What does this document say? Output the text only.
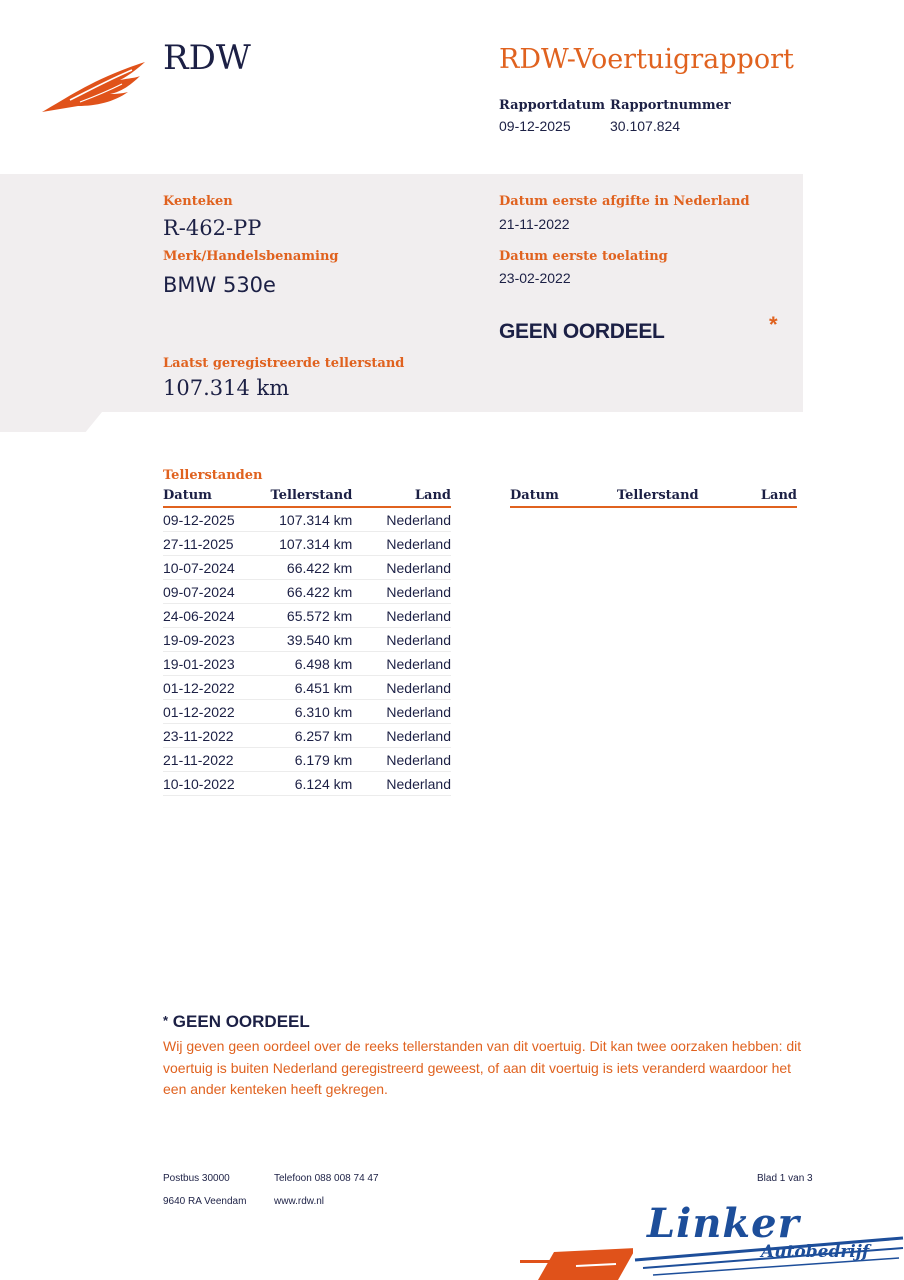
RDW	RDW-Voertuigrapport
Rapportdatum
09-12-2025
Rapportnummer
30.107.824
Kenteken
R-462-PP
Merk/Handelsbenaming
BMW 530e
Laatst geregistreerde tellerstand
107.314 km
Datum eerste afgifte in Nederland
21-11-2022
Datum eerste toelating
23-02-2022
GEEN OORDEEL	*
Tellerstanden
Datum	Tellerstand	Land
09-12-2025	107.314 km	Nederland
27-11-2025	107.314 km	Nederland
10-07-2024	66.422 km	Nederland
09-07-2024	66.422 km	Nederland
24-06-2024	65.572 km	Nederland
19-09-2023	39.540 km	Nederland
19-01-2023	6.498 km	Nederland
01-12-2022	6.451 km	Nederland
01-12-2022	6.310 km	Nederland
23-11-2022	6.257 km	Nederland
21-11-2022	6.179 km	Nederland
10-10-2022	6.124 km	Nederland
Datum	Tellerstand	Land
* GEEN OORDEEL
Wij geven geen oordeel over de reeks tellerstanden van dit voertuig. Dit kan twee oorzaken hebben: dit voertuig is buiten Nederland geregistreerd geweest, of aan dit voertuig is iets veranderd waardoor het een ander kenteken heeft gekregen.
Postbus 30000
9640 RA Veendam
Telefoon 088 008 74 47
www.rdw.nl
Blad 1 van 3
Linker
Autobedrijf
